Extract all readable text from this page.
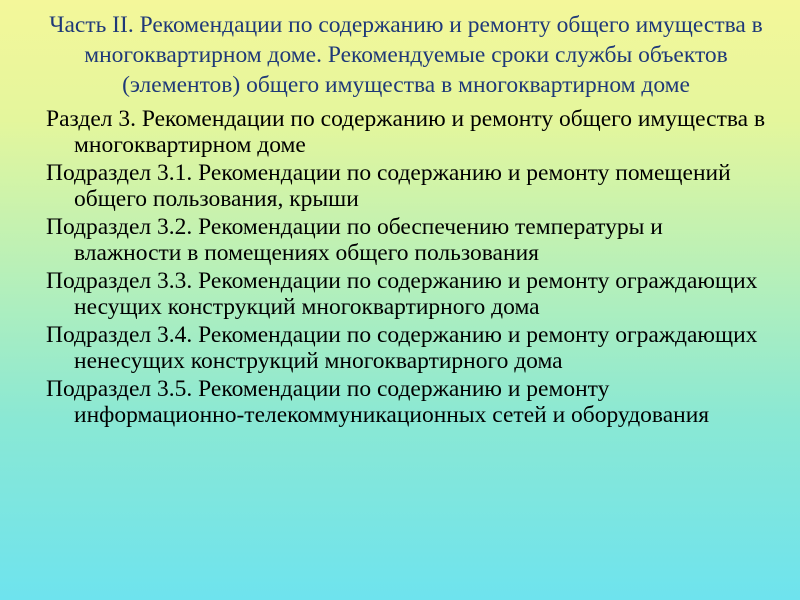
Часть II. Рекомендации по содержанию и ремонту общего имущества в многоквартирном доме. Рекомендуемые сроки службы объектов (элементов) общего имущества в многоквартирном доме
Раздел 3. Рекомендации по содержанию и ремонту общего имущества в многоквартирном доме
Подраздел 3.1. Рекомендации по содержанию и ремонту помещений общего пользования, крыши
Подраздел 3.2. Рекомендации по обеспечению температуры и влажности в помещениях общего пользования
Подраздел 3.3. Рекомендации по содержанию и ремонту ограждающих несущих конструкций многоквартирного дома
Подраздел 3.4. Рекомендации по содержанию и ремонту ограждающих ненесущих конструкций многоквартирного дома
Подраздел 3.5. Рекомендации по содержанию и ремонту информационно-телекоммуникационных сетей и оборудования
